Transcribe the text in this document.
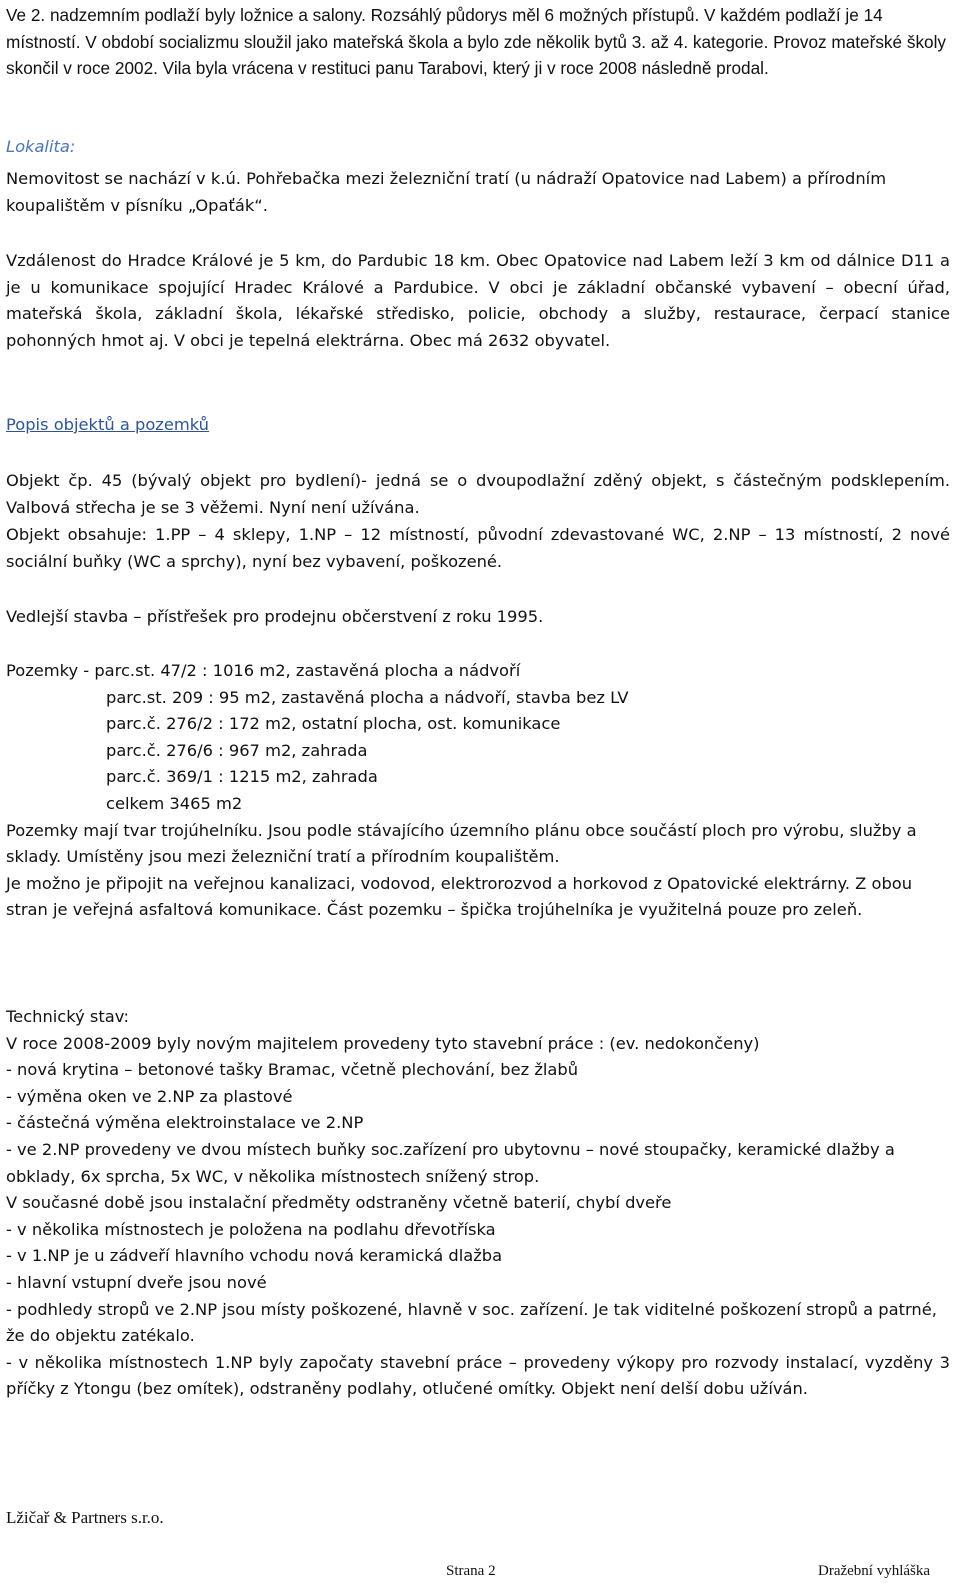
Ve 2. nadzemním podlaží byly ložnice a salony. Rozsáhlý půdorys měl 6 možných přístupů. V každém podlaží je 14 místností. V období socializmu sloužil jako mateřská škola a bylo zde několik bytů 3. až 4. kategorie. Provoz mateřské školy skončil v roce 2002. Vila byla vrácena v restituci panu Tarabovi, který ji v roce 2008 následně prodal.

Lokalita:

Nemovitost se nachází v k.ú. Pohřebačka mezi železniční tratí (u nádraží Opatovice nad Labem) a přírodním koupalištěm v písníku „Opaťák“.

Vzdálenost do Hradce Králové je 5 km, do Pardubic 18 km. Obec Opatovice nad Labem leží 3 km od dálnice D11 a je u komunikace spojující Hradec Králové a Pardubice. V obci je základní občanské vybavení – obecní úřad, mateřská škola, základní škola, lékařské středisko, policie, obchody a služby, restaurace, čerpací stanice pohonných hmot aj. V obci je tepelná elektrárna. Obec má 2632 obyvatel.

Popis objektů a pozemků

Objekt čp. 45 (bývalý objekt pro bydlení)- jedná se o dvoupodlažní zděný objekt, s částečným podsklepením. Valbová střecha je se 3 věžemi. Nyní není užívána.

Objekt obsahuje: 1.PP – 4 sklepy, 1.NP – 12 místností, původní zdevastované WC, 2.NP – 13 místností, 2 nové sociální buňky (WC a sprchy), nyní bez vybavení, poškozené.

Vedlejší stavba – přístřešek pro prodejnu občerstvení z roku 1995.

Pozemky - parc.st. 47/2 : 1016 m2, zastavěná plocha a nádvoří

parc.st. 209 : 95 m2, zastavěná plocha a nádvoří, stavba bez LV

parc.č. 276/2 : 172 m2, ostatní plocha, ost. komunikace

parc.č. 276/6 : 967 m2, zahrada

parc.č. 369/1 : 1215 m2, zahrada

celkem 3465 m2

Pozemky mají tvar trojúhelníku. Jsou podle stávajícího územního plánu obce součástí ploch pro výrobu, služby a sklady. Umístěny jsou mezi železniční tratí a přírodním koupalištěm.

Je možno je připojit na veřejnou kanalizaci, vodovod, elektrorozvod a horkovod z Opatovické elektrárny. Z obou stran je veřejná asfaltová komunikace. Část pozemku – špička trojúhelníka je využitelná pouze pro zeleň.

Technický stav:

V roce 2008-2009 byly novým majitelem provedeny tyto stavební práce : (ev. nedokončeny)

- nová krytina – betonové tašky Bramac, včetně plechování, bez žlabů

- výměna oken ve 2.NP za plastové

- částečná výměna elektroinstalace ve 2.NP

- ve 2.NP provedeny ve dvou místech buňky soc.zařízení pro ubytovnu – nové stoupačky, keramické dlažby a obklady, 6x sprcha, 5x WC, v několika místnostech snížený strop.

V současné době jsou instalační předměty odstraněny včetně baterií, chybí dveře

- v několika místnostech je položena na podlahu dřevotříska

- v 1.NP je u zádveří hlavního vchodu nová keramická dlažba

- hlavní vstupní dveře jsou nové

- podhledy stropů ve 2.NP jsou místy poškozené, hlavně v soc. zařízení. Je tak viditelné poškození stropů a patrné, že do objektu zatékalo.

- v několika místnostech 1.NP byly započaty stavební práce – provedeny výkopy pro rozvody instalací, vyzděny 3 příčky z Ytongu (bez omítek), odstraněny podlahy, otlučené omítky. Objekt není delší dobu užíván.

Lžičař & Partners s.r.o.
Strana 2	Dražební vyhláška
